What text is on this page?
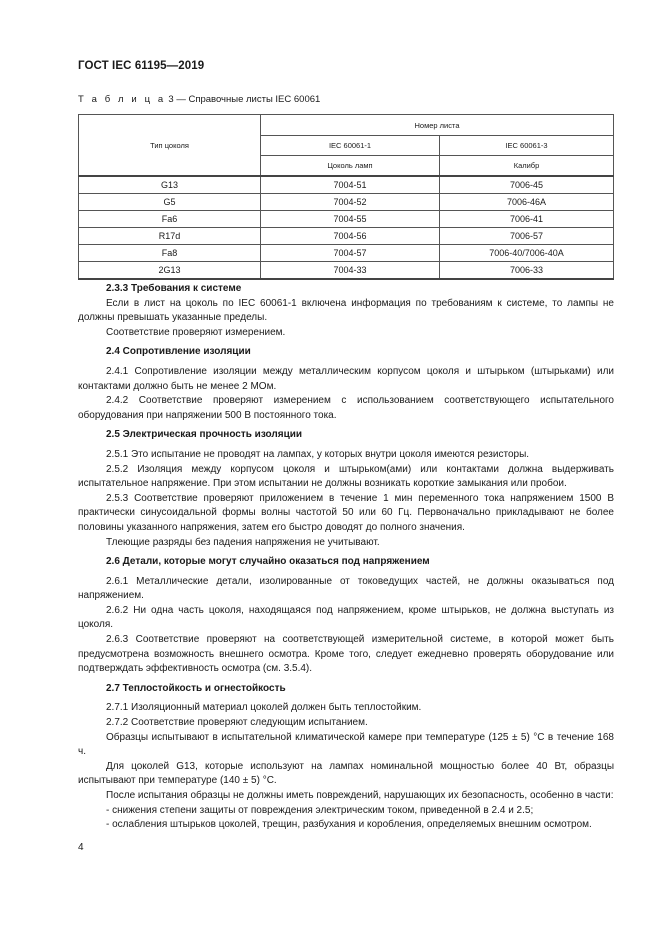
ГОСТ IEC 61195—2019
Т а б л и ц а 3 — Справочные листы IEC 60061
Тип цоколя	Номер листа	
	IEC 60061-1	IEC 60061-3
	Цоколь ламп	Калибр
G13	7004-51	7006-45
G5	7004-52	7006-46A
Fa6	7004-55	7006-41
R17d	7004-56	7006-57
Fa8	7004-57	7006-40/7006-40A
2G13	7004-33	7006-33
2.3.3 Требования к системе

Если в лист на цоколь по IEC 60061-1 включена информация по требованиям к системе, то лампы не должны превышать указанные пределы.

Соответствие проверяют измерением.

2.4 Сопротивление изоляции

2.4.1 Сопротивление изоляции между металлическим корпусом цоколя и штырьком (штырьками) или контактами должно быть не менее 2 МОм.

2.4.2 Соответствие проверяют измерением с использованием соответствующего испытательного оборудования при напряжении 500 В постоянного тока.

2.5 Электрическая прочность изоляции

2.5.1 Это испытание не проводят на лампах, у которых внутри цоколя имеются резисторы.

2.5.2 Изоляция между корпусом цоколя и штырьком(ами) или контактами должна выдерживать испытательное напряжение. При этом испытании не должны возникать короткие замыкания или пробои.

2.5.3 Соответствие проверяют приложением в течение 1 мин переменного тока напряжением 1500 В практически синусоидальной формы волны частотой 50 или 60 Гц. Первоначально прикладывают не более половины указанного напряжения, затем его быстро доводят до полного значения.

Тлеющие разряды без падения напряжения не учитывают.

2.6 Детали, которые могут случайно оказаться под напряжением

2.6.1 Металлические детали, изолированные от токоведущих частей, не должны оказываться под напряжением.

2.6.2 Ни одна часть цоколя, находящаяся под напряжением, кроме штырьков, не должна выступать из цоколя.

2.6.3 Соответствие проверяют на соответствующей измерительной системе, в которой может быть предусмотрена возможность внешнего осмотра. Кроме того, следует ежедневно проверять оборудование или подтверждать эффективность осмотра (см. 3.5.4).

2.7 Теплостойкость и огнестойкость

2.7.1 Изоляционный материал цоколей должен быть теплостойким.

2.7.2 Соответствие проверяют следующим испытанием.

Образцы испытывают в испытательной климатической камере при температуре (125 ± 5) °С в течение 168 ч.

Для цоколей G13, которые используют на лампах номинальной мощностью более 40 Вт, образцы испытывают при температуре (140 ± 5) °С.

После испытания образцы не должны иметь повреждений, нарушающих их безопасность, особенно в части:

- снижения степени защиты от повреждения электрическим током, приведенной в 2.4 и 2.5;

- ослабления штырьков цоколей, трещин, разбухания и коробления, определяемых внешним осмотром.

4
